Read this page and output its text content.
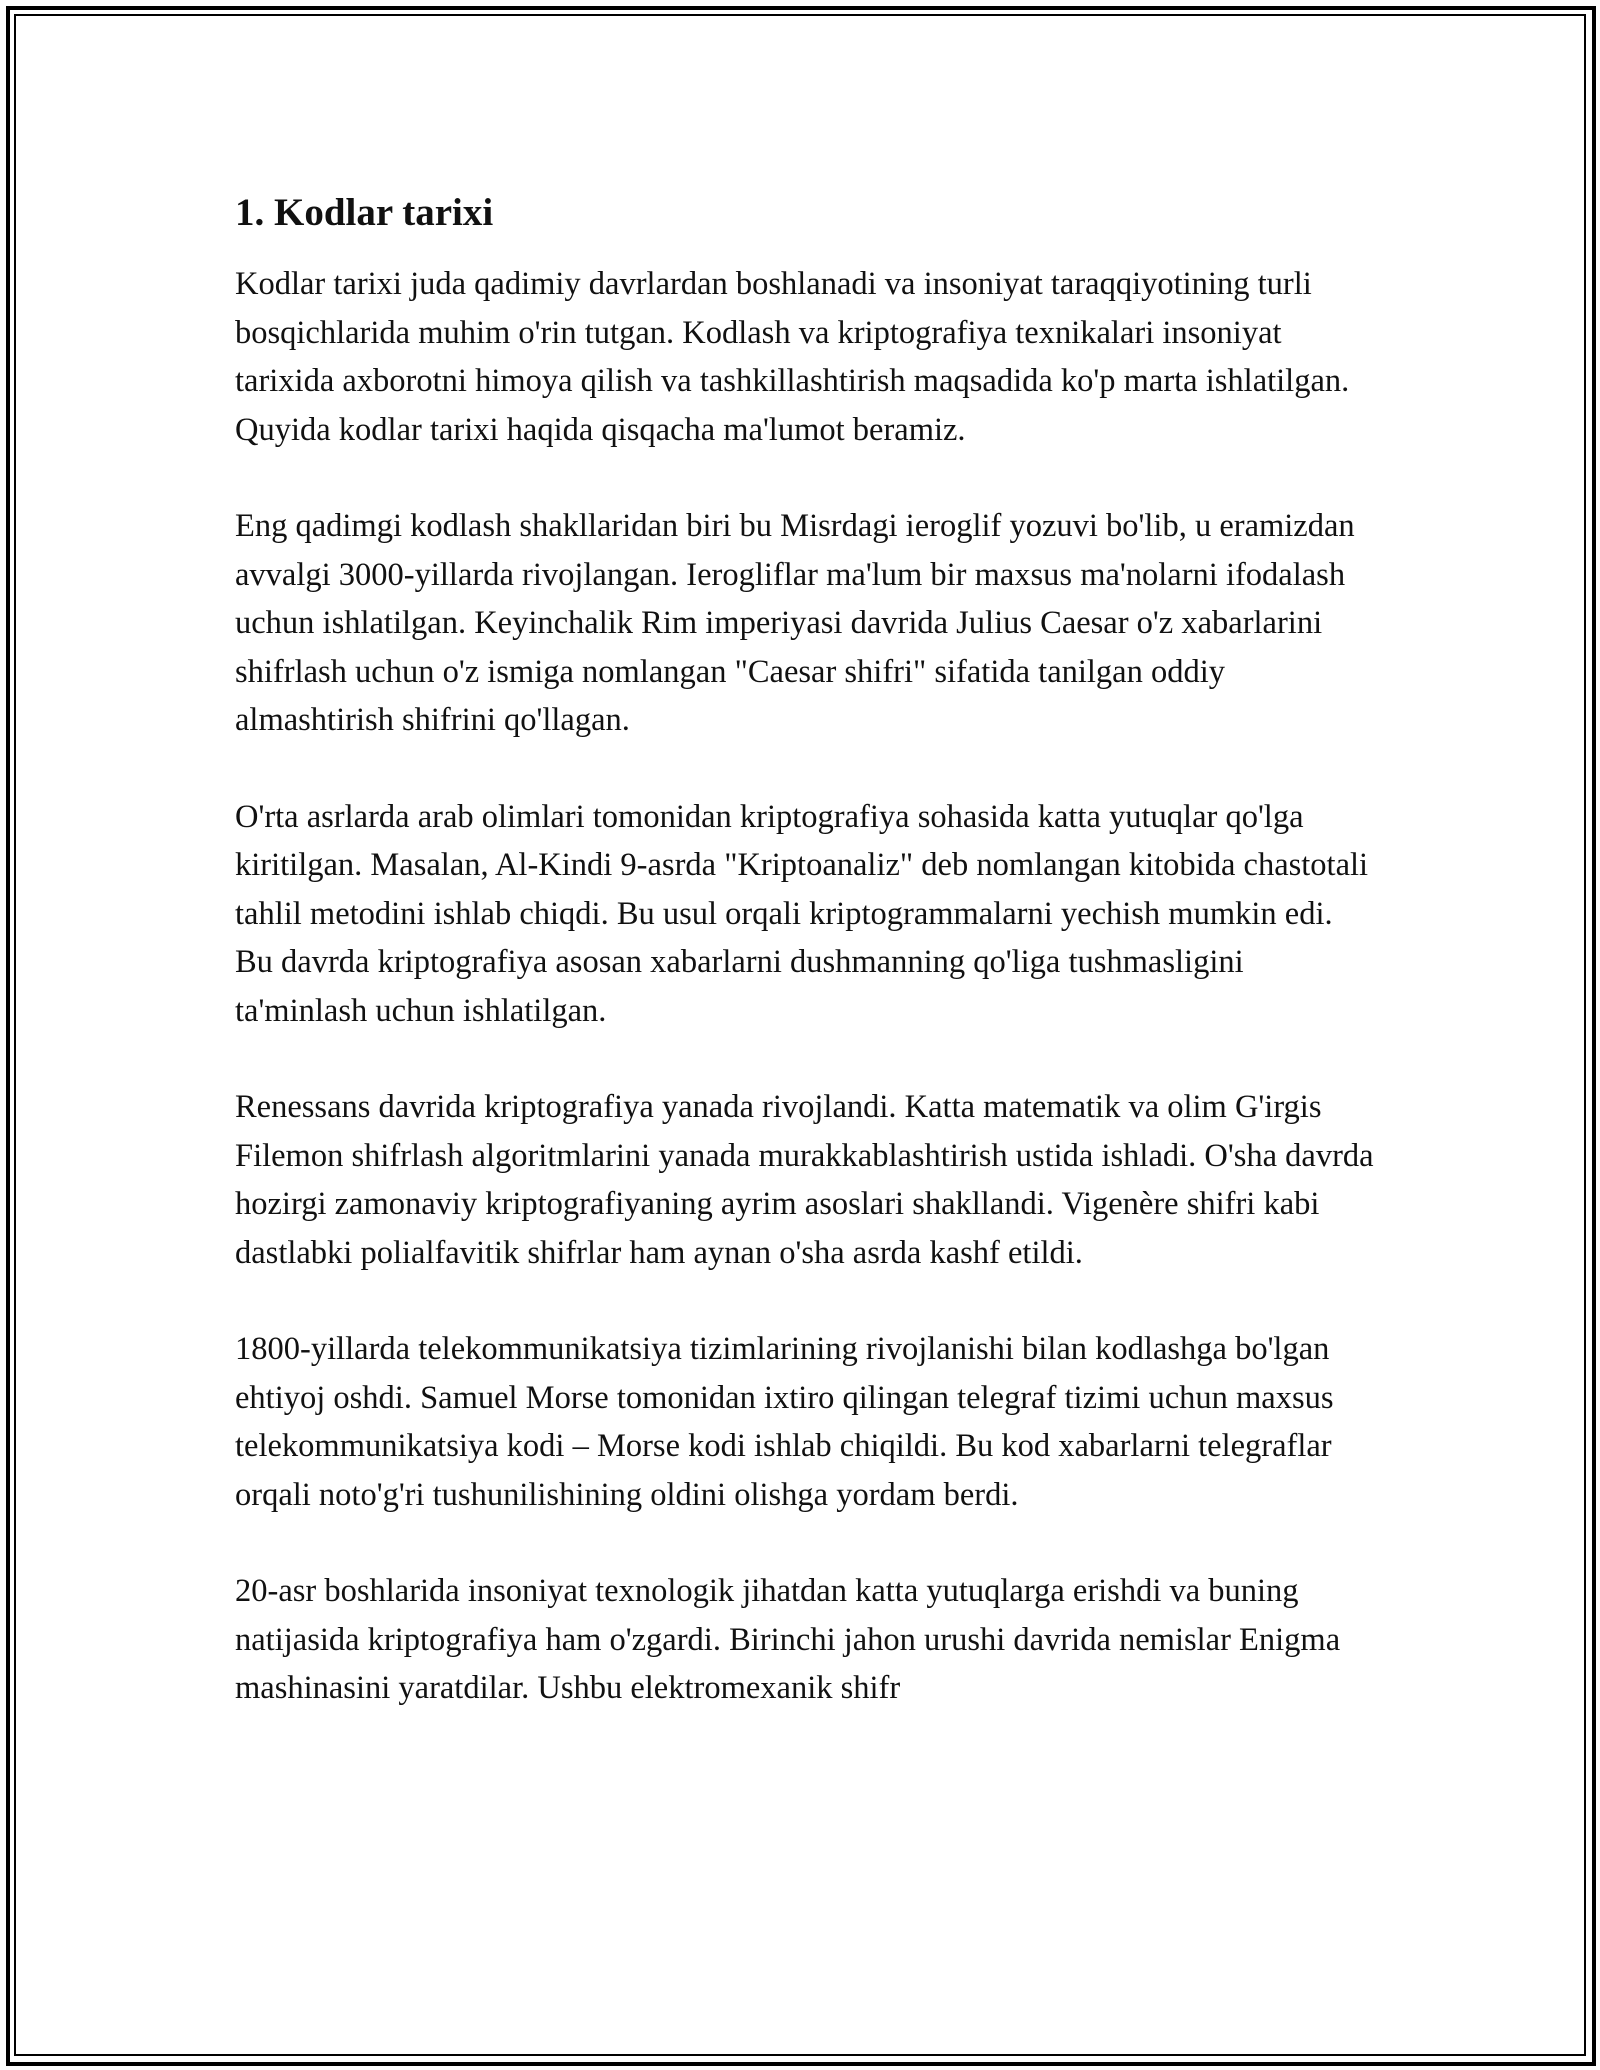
1. Kodlar tarixi

Kodlar tarixi juda qadimiy davrlardan boshlanadi va insoniyat taraqqiyotining turli bosqichlarida muhim o'rin tutgan. Kodlash va kriptografiya texnikalari insoniyat tarixida axborotni himoya qilish va tashkillashtirish maqsadida ko'p marta ishlatilgan. Quyida kodlar tarixi haqida qisqacha ma'lumot beramiz.

Eng qadimgi kodlash shakllaridan biri bu Misrdagi ieroglif yozuvi bo'lib, u eramizdan avvalgi 3000-yillarda rivojlangan. Ierogliflar ma'lum bir maxsus ma'nolarni ifodalash uchun ishlatilgan. Keyinchalik Rim imperiyasi davrida Julius Caesar o'z xabarlarini shifrlash uchun o'z ismiga nomlangan "Caesar shifri" sifatida tanilgan oddiy almashtirish shifrini qo'llagan.

O'rta asrlarda arab olimlari tomonidan kriptografiya sohasida katta yutuqlar qo'lga kiritilgan. Masalan, Al-Kindi 9-asrda "Kriptoanaliz" deb nomlangan kitobida chastotali tahlil metodini ishlab chiqdi. Bu usul orqali kriptogrammalarni yechish mumkin edi. Bu davrda kriptografiya asosan xabarlarni dushmanning qo'liga tushmasligini ta'minlash uchun ishlatilgan.

Renessans davrida kriptografiya yanada rivojlandi. Katta matematik va olim G'irgis Filemon shifrlash algoritmlarini yanada murakkablashtirish ustida ishladi. O'sha davrda hozirgi zamonaviy kriptografiyaning ayrim asoslari shakllandi. Vigenère shifri kabi dastlabki polialfavitik shifrlar ham aynan o'sha asrda kashf etildi.

1800-yillarda telekommunikatsiya tizimlarining rivojlanishi bilan kodlashga bo'lgan ehtiyoj oshdi. Samuel Morse tomonidan ixtiro qilingan telegraf tizimi uchun maxsus telekommunikatsiya kodi – Morse kodi ishlab chiqildi. Bu kod xabarlarni telegraflar orqali noto'g'ri tushunilishining oldini olishga yordam berdi.

20-asr boshlarida insoniyat texnologik jihatdan katta yutuqlarga erishdi va buning natijasida kriptografiya ham o'zgardi. Birinchi jahon urushi davrida nemislar Enigma mashinasini yaratdilar. Ushbu elektromexanik shifr
